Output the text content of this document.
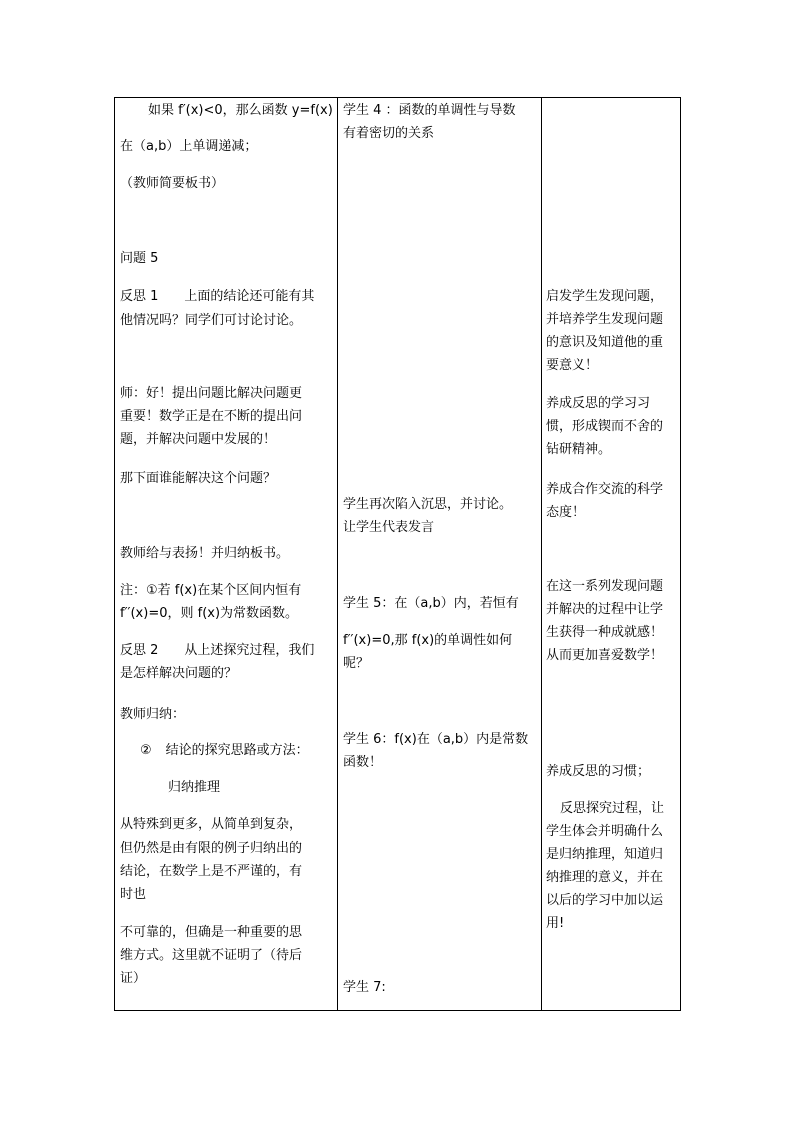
如果 f′(x)<0，那么函数 y=f(x)
在（a,b）上单调递减；
（教师简要板书）
问题 5
反思 1 上面的结论还可能有其
他情况吗？同学们可讨论讨论。
师：好！提出问题比解决问题更
重要！数学正是在不断的提出问
题，并解决问题中发展的！
那下面谁能解决这个问题？
教师给与表扬！并归纳板书。
注：①若 f(x)在某个区间内恒有
f′′(x)=0，则 f(x)为常数函数。
反思 2 从上述探究过程，我们
是怎样解决问题的？
教师归纳：
② 结论的探究思路或方法：
归纳推理
从特殊到更多，从简单到复杂，
但仍然是由有限的例子归纳出的
结论，在数学上是不严谨的，有
时也
不可靠的，但确是一种重要的思
维方式。这里就不证明了（待后
证）
学生 4 ：函数的单调性与导数
有着密切的关系
学生再次陷入沉思，并讨论。
让学生代表发言
学生 5：在（a,b）内，若恒有
f′′(x)=0,那 f(x)的单调性如何
呢？
学生 6：f(x)在（a,b）内是常数
函数！
学生 7:
启发学生发现问题，
并培养学生发现问题
的意识及知道他的重
要意义！
养成反思的学习习
惯，形成锲而不舍的
钻研精神。
养成合作交流的科学
态度！
在这一系列发现问题
并解决的过程中让学
生获得一种成就感！
从而更加喜爱数学！
养成反思的习惯；
反思探究过程，让
学生体会并明确什么
是归纳推理，知道归
纳推理的意义，并在
以后的学习中加以运
用!
